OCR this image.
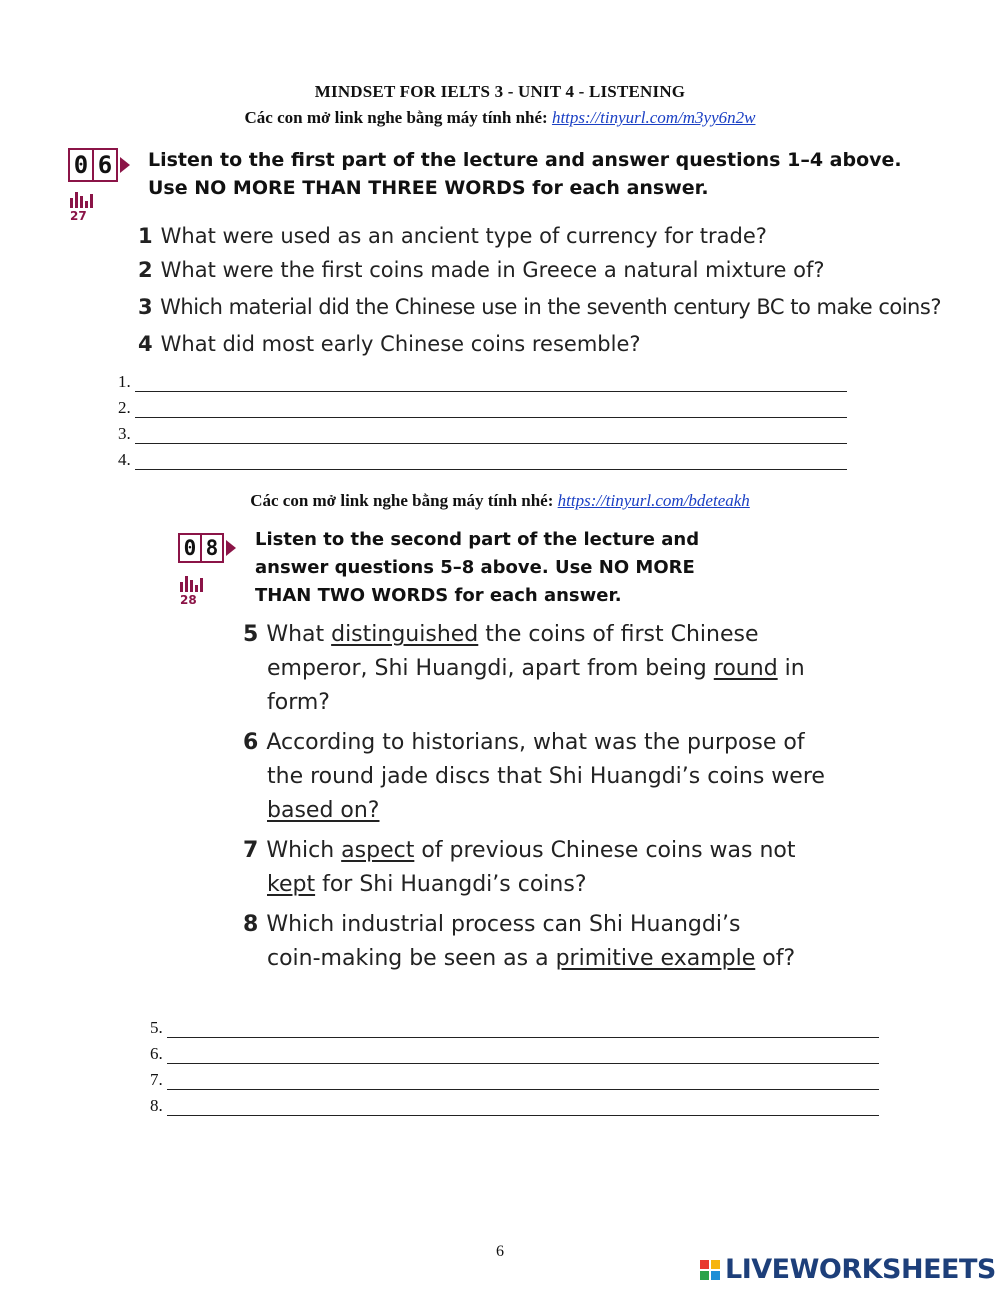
MINDSET FOR IELTS 3 - UNIT 4 - LISTENING
Các con mở link nghe bằng máy tính nhé: https://tinyurl.com/m3yy6n2w
0 6
27
Listen to the first part of the lecture and answer questions 1–4 above.
Use NO MORE THAN THREE WORDS for each answer.
1 What were used as an ancient type of currency for trade?
2 What were the first coins made in Greece a natural mixture of?
3 Which material did the Chinese use in the seventh century BC to make coins?
4 What did most early Chinese coins resemble?
1.
2.
3.
4.
Các con mở link nghe bằng máy tính nhé: https://tinyurl.com/bdeteakh
0 8
28
Listen to the second part of the lecture and
answer questions 5–8 above. Use NO MORE
THAN TWO WORDS for each answer.
5 What distinguished the coins of first Chinese
emperor, Shi Huangdi, apart from being round in
form?
6 According to historians, what was the purpose of
the round jade discs that Shi Huangdi’s coins were
based on?
7 Which aspect of previous Chinese coins was not
kept for Shi Huangdi’s coins?
8 Which industrial process can Shi Huangdi’s
coin-making be seen as a primitive example of?
5.
6.
7.
8.
6
LIVEWORKSHEETS
